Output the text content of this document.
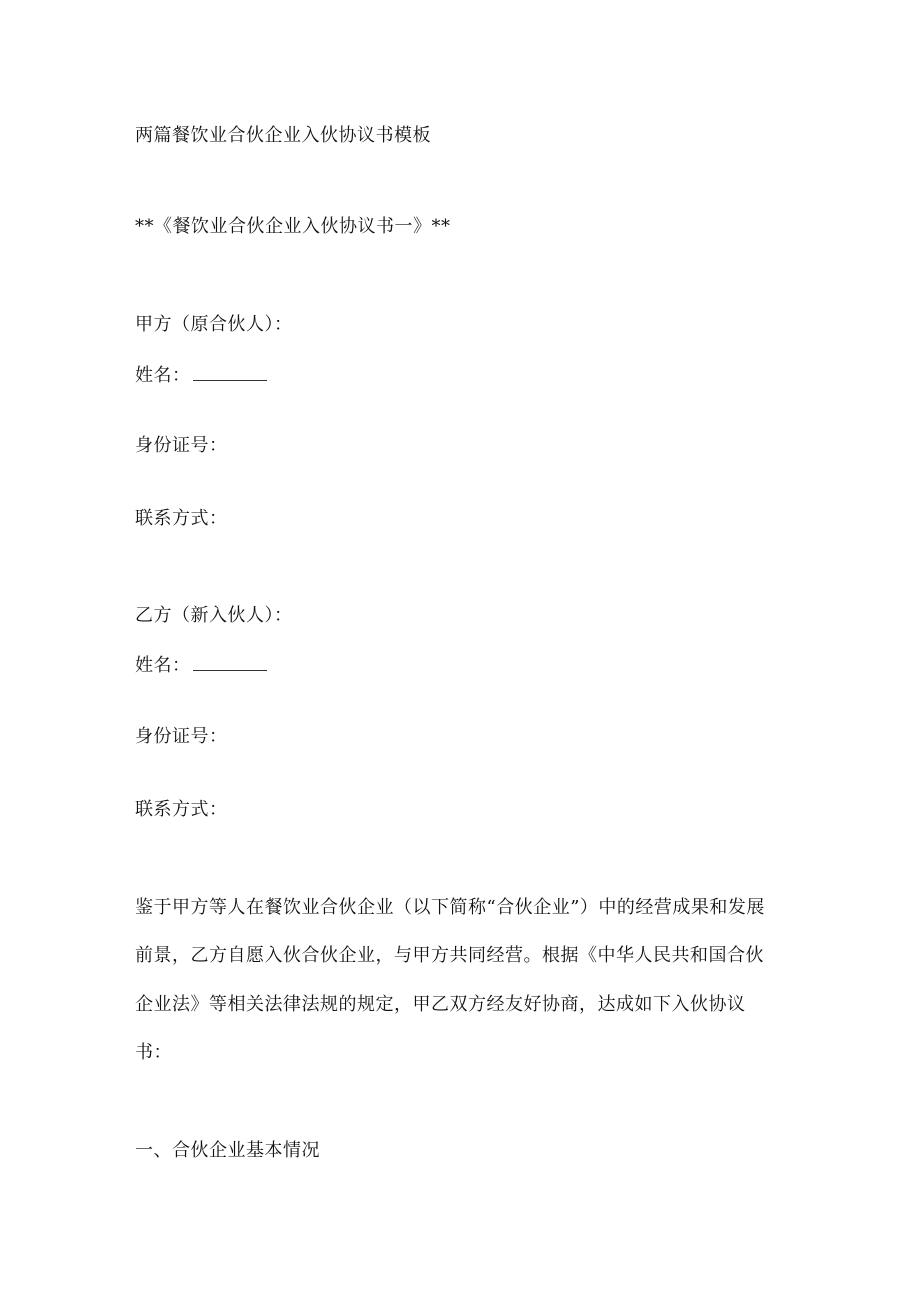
两篇餐饮业合伙企业入伙协议书模板
**《餐饮业合伙企业入伙协议书一》**
甲方（原合伙人）：
姓名：
身份证号：
联系方式：
乙方（新入伙人）：
姓名：
身份证号：
联系方式：
鉴于甲方等人在餐饮业合伙企业（以下简称“合伙企业”）中的经营成果和发展
前景，乙方自愿入伙合伙企业，与甲方共同经营。根据《中华人民共和国合伙
企业法》等相关法律法规的规定，甲乙双方经友好协商，达成如下入伙协议
书：
一、合伙企业基本情况
